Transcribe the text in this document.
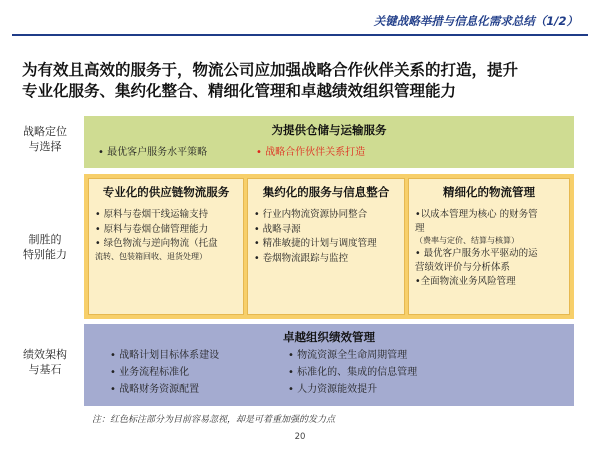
关键战略举措与信息化需求总结（1/2）
为有效且高效的服务于，物流公司应加强战略合作伙伴关系的打造，提升
专业化服务、集约化整合、精细化管理和卓越绩效组织管理能力
战略定位
与选择
制胜的
特别能力
绩效架构
与基石
为提供仓储与运输服务
• 最优客户服务水平策略	• 战略合作伙伴关系打造
专业化的供应链物流服务
• 原料与卷烟干线运输支持
• 原料与卷烟仓储管理能力
• 绿色物流与逆向物流（托盘
流转、包装箱回收、退货处理）
集约化的服务与信息整合
• 行业内物流资源协同整合
• 战略寻源
• 精准敏捷的计划与调度管理
• 卷烟物流跟踪与监控
精细化的物流管理
•以成本管理为核心 的财务管
理
（费率与定价、结算与核算）
• 最优客户服务水平驱动的运
营绩效评价与分析体系
•全面物流业务风险管理
卓越组织绩效管理
• 战略计划目标体系建设
• 业务流程标准化
• 战略财务资源配置
• 物流资源全生命周期管理
• 标准化的、集成的信息管理
• 人力资源能效提升
注：红色标注部分为目前容易忽视，却是可着重加强的发力点
20
